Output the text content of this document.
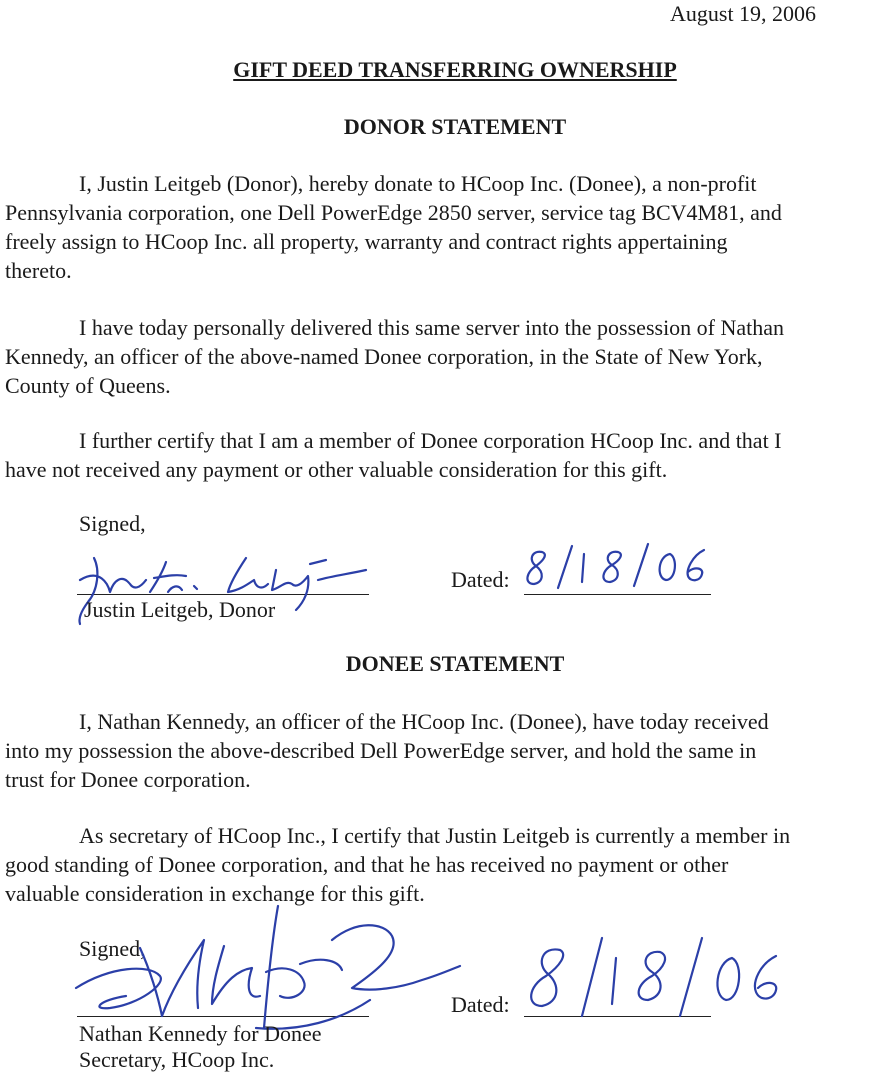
August 19, 2006
GIFT DEED TRANSFERRING OWNERSHIP
DONOR STATEMENT

I, Justin Leitgeb (Donor), hereby donate to HCoop Inc. (Donee), a non-profit
Pennsylvania corporation, one Dell PowerEdge 2850 server, service tag BCV4M81, and
freely assign to HCoop Inc. all property, warranty and contract rights appertaining
thereto.

I have today personally delivered this same server into the possession of Nathan
Kennedy, an officer of the above-named Donee corporation, in the State of New York,
County of Queens.

I further certify that I am a member of Donee corporation HCoop Inc. and that I
have not received any payment or other valuable consideration for this gift.

Signed,
Justin Leitgeb, Donor
Dated:
DONEE STATEMENT

I, Nathan Kennedy, an officer of the HCoop Inc. (Donee), have today received
into my possession the above-described Dell PowerEdge server, and hold the same in
trust for Donee corporation.

As secretary of HCoop Inc., I certify that Justin Leitgeb is currently a member in
good standing of Donee corporation, and that he has received no payment or other
valuable consideration in exchange for this gift.

Signed,
Nathan Kennedy for Donee
Secretary, HCoop Inc.
Dated:
